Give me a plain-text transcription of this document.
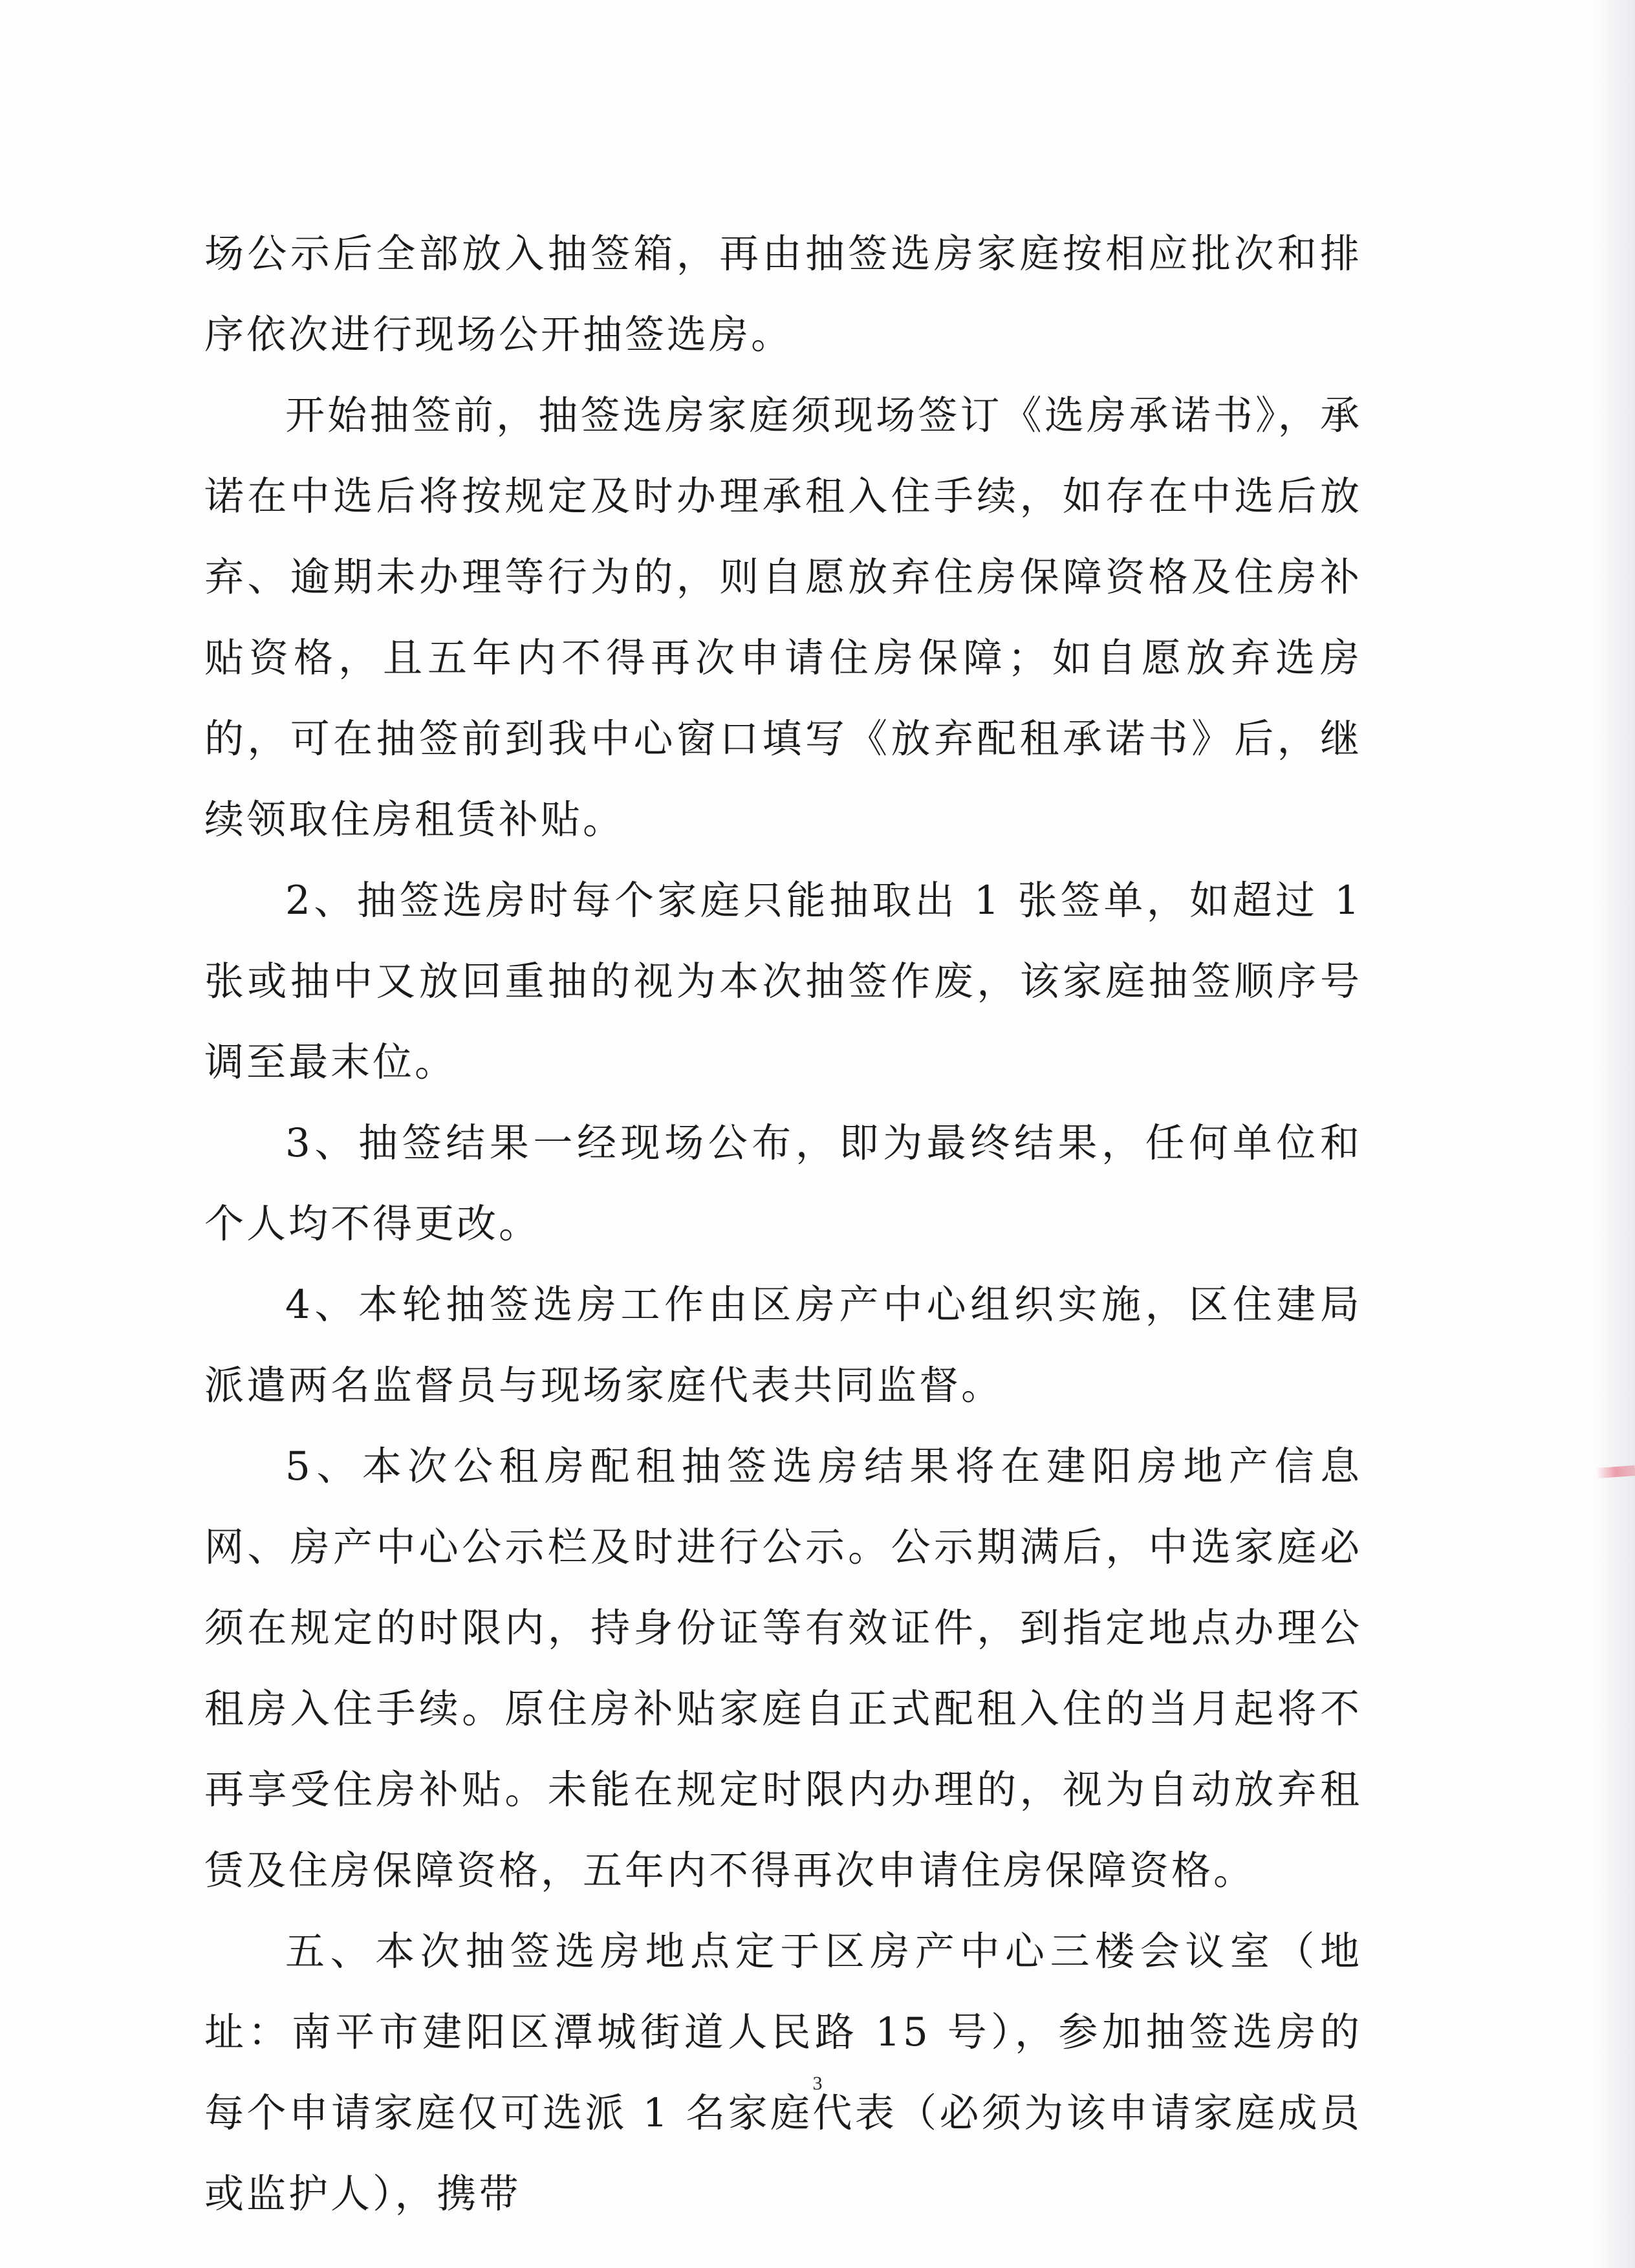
场公示后全部放入抽签箱，再由抽签选房家庭按相应批次和排序依次进行现场公开抽签选房。

开始抽签前，抽签选房家庭须现场签订《选房承诺书》，承诺在中选后将按规定及时办理承租入住手续，如存在中选后放弃、逾期未办理等行为的，则自愿放弃住房保障资格及住房补贴资格，且五年内不得再次申请住房保障；如自愿放弃选房的，可在抽签前到我中心窗口填写《放弃配租承诺书》后，继续领取住房租赁补贴。

2、抽签选房时每个家庭只能抽取出 1 张签单，如超过 1 张或抽中又放回重抽的视为本次抽签作废，该家庭抽签顺序号调至最末位。

3、抽签结果一经现场公布，即为最终结果，任何单位和个人均不得更改。

4、本轮抽签选房工作由区房产中心组织实施，区住建局派遣两名监督员与现场家庭代表共同监督。

5、本次公租房配租抽签选房结果将在建阳房地产信息网、房产中心公示栏及时进行公示。公示期满后，中选家庭必须在规定的时限内，持身份证等有效证件，到指定地点办理公租房入住手续。原住房补贴家庭自正式配租入住的当月起将不再享受住房补贴。未能在规定时限内办理的，视为自动放弃租赁及住房保障资格，五年内不得再次申请住房保障资格。

五、本次抽签选房地点定于区房产中心三楼会议室（地址：南平市建阳区潭城街道人民路 15 号），参加抽签选房的每个申请家庭仅可选派 1 名家庭代表（必须为该申请家庭成员或监护人），携带

3
